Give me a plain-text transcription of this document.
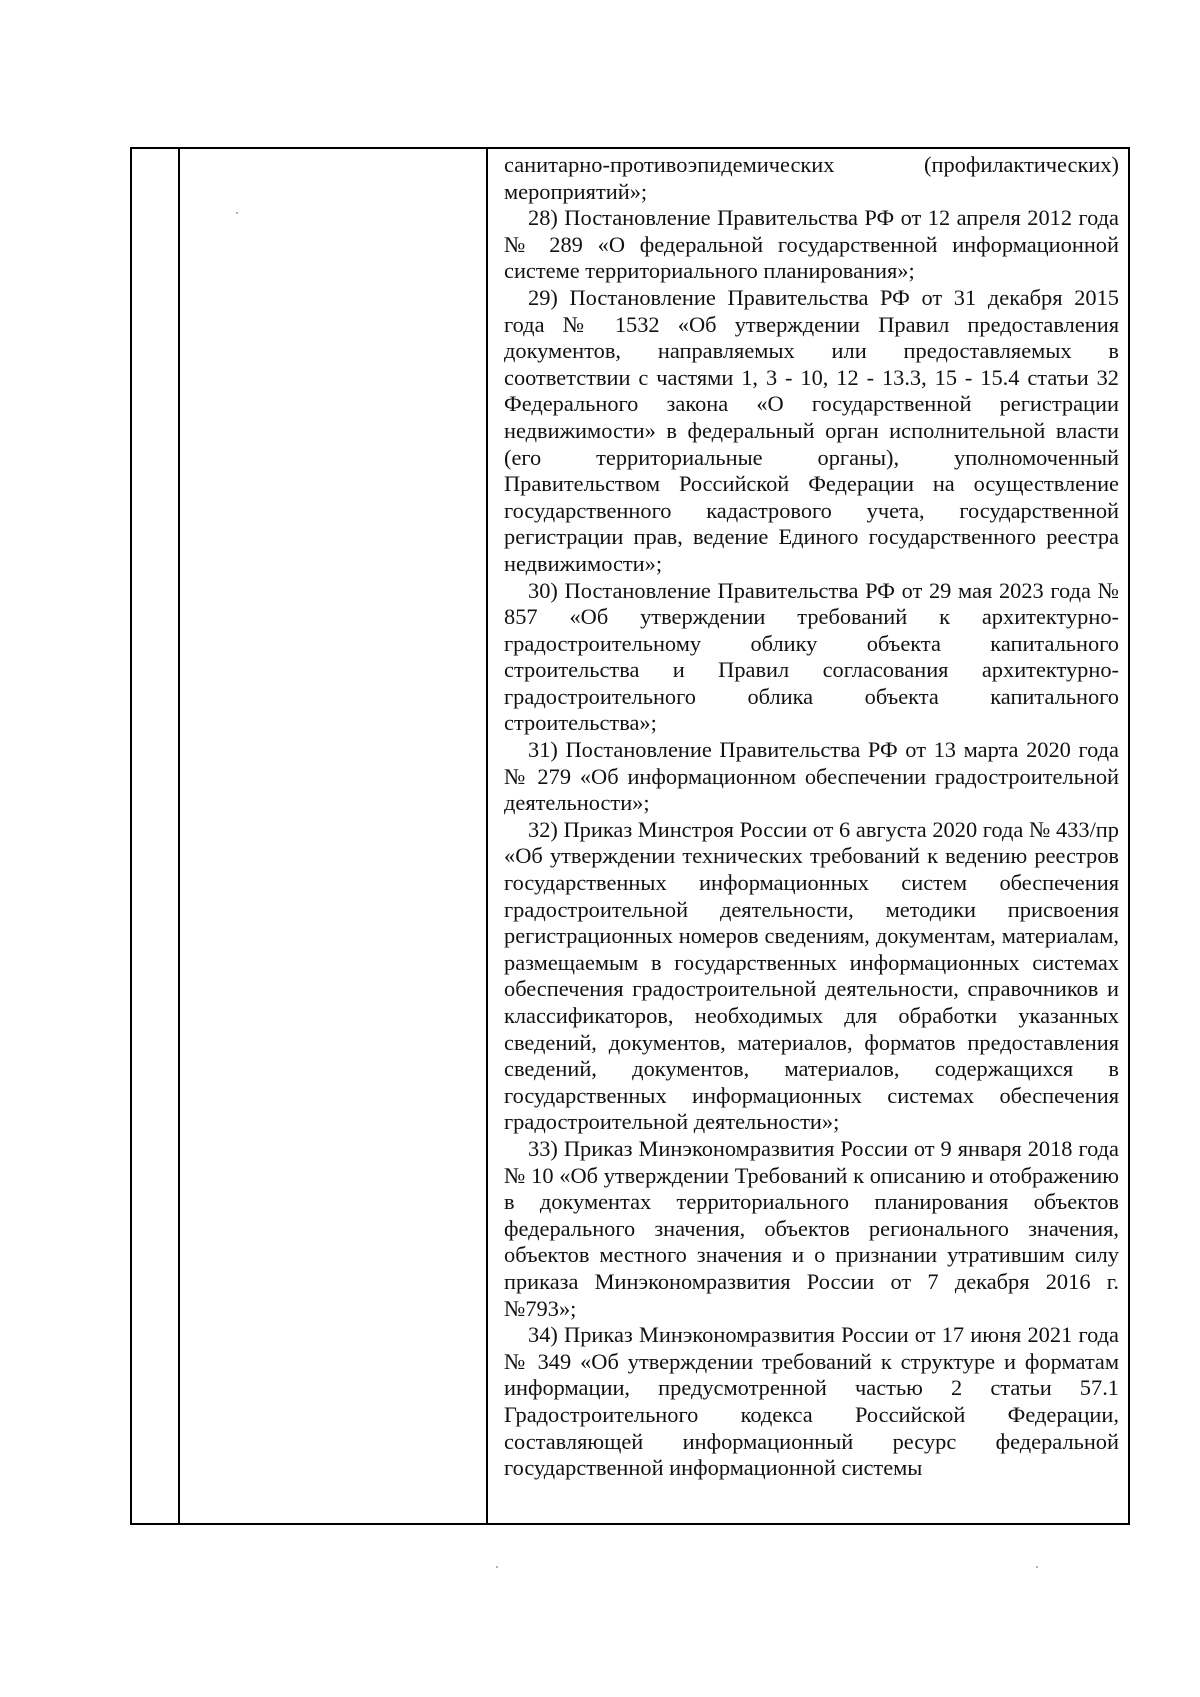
санитарно-противоэпидемических (профилактических) мероприятий»;

28) Постановление Правительства РФ от 12 апреля 2012 года № 289 «О федеральной государственной информационной системе территориального планирования»;

29) Постановление Правительства РФ от 31 декабря 2015 года № 1532 «Об утверждении Правил предоставления документов, направляемых или предоставляемых в соответствии с частями 1, 3 - 10, 12 - 13.3, 15 - 15.4 статьи 32 Федерального закона «О государственной регистрации недвижимости» в федеральный орган исполнительной власти (его территориальные органы), уполномоченный Правительством Российской Федерации на осуществление государственного кадастрового учета, государственной регистрации прав, ведение Единого государственного реестра недвижимости»;

30) Постановление Правительства РФ от 29 мая 2023 года № 857 «Об утверждении требований к архитектурно-градостроительному облику объекта капитального строительства и Правил согласования архитектурно-градостроительного облика объекта капитального строительства»;

31) Постановление Правительства РФ от 13 марта 2020 года № 279 «Об информационном обеспечении градостроительной деятельности»;

32) Приказ Минстроя России от 6 августа 2020 года № 433/пр «Об утверждении технических требований к ведению реестров государственных информационных систем обеспечения градостроительной деятельности, методики присвоения регистрационных номеров сведениям, документам, материалам, размещаемым в государственных информационных системах обеспечения градостроительной деятельности, справочников и классификаторов, необходимых для обработки указанных сведений, документов, материалов, форматов предоставления сведений, документов, материалов, содержащихся в государственных информационных системах обеспечения градостроительной деятельности»;

33) Приказ Минэкономразвития России от 9 января 2018 года № 10 «Об утверждении Требований к описанию и отображению в документах территориального планирования объектов федерального значения, объектов регионального значения, объектов местного значения и о признании утратившим силу приказа Минэкономразвития России от 7 декабря 2016 г. №793»;

34) Приказ Минэкономразвития России от 17 июня 2021 года № 349 «Об утверждении требований к структуре и форматам информации, предусмотренной частью 2 статьи 57.1 Градостроительного кодекса Российской Федерации, составляющей информационный ресурс федеральной государственной информационной системы
